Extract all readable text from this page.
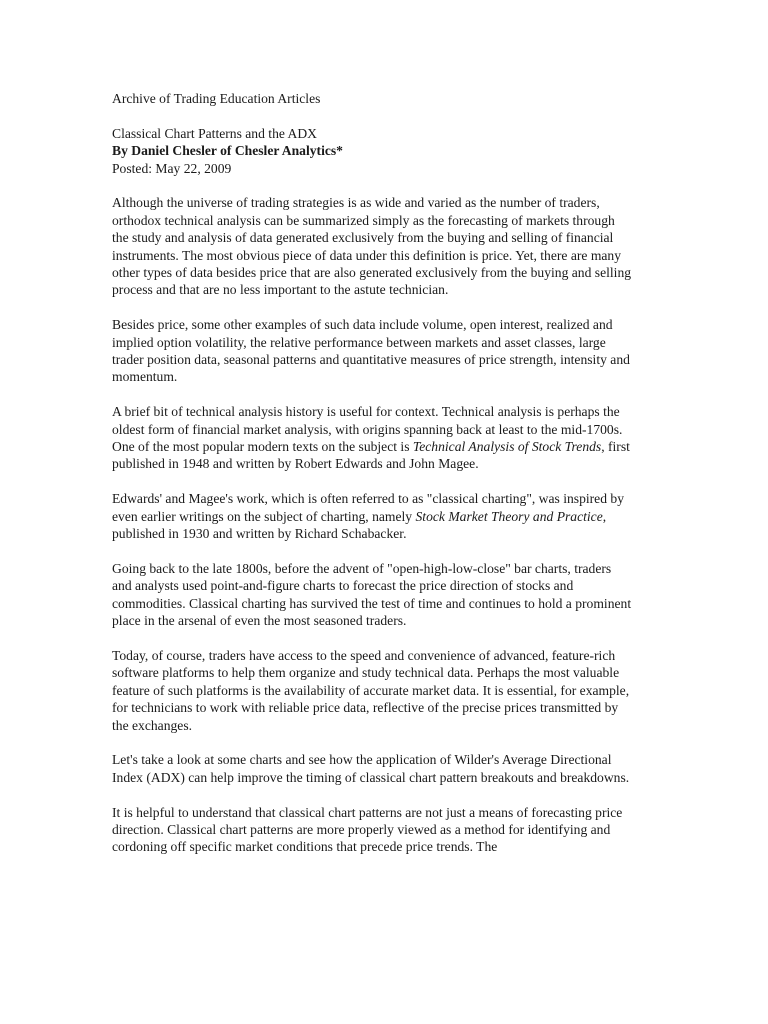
Archive of Trading Education Articles
Classical Chart Patterns and the ADX
By Daniel Chesler of Chesler Analytics*
Posted: May 22, 2009

Although the universe of trading strategies is as wide and varied as the number of traders, orthodox technical analysis can be summarized simply as the forecasting of markets through the study and analysis of data generated exclusively from the buying and selling of financial instruments. The most obvious piece of data under this definition is price. Yet, there are many other types of data besides price that are also generated exclusively from the buying and selling process and that are no less important to the astute technician.

Besides price, some other examples of such data include volume, open interest, realized and implied option volatility, the relative performance between markets and asset classes, large trader position data, seasonal patterns and quantitative measures of price strength, intensity and momentum.

A brief bit of technical analysis history is useful for context. Technical analysis is perhaps the oldest form of financial market analysis, with origins spanning back at least to the mid-1700s. One of the most popular modern texts on the subject is Technical Analysis of Stock Trends, first published in 1948 and written by Robert Edwards and John Magee.

Edwards' and Magee's work, which is often referred to as "classical charting", was inspired by even earlier writings on the subject of charting, namely Stock Market Theory and Practice, published in 1930 and written by Richard Schabacker.

Going back to the late 1800s, before the advent of "open-high-low-close" bar charts, traders and analysts used point-and-figure charts to forecast the price direction of stocks and commodities. Classical charting has survived the test of time and continues to hold a prominent place in the arsenal of even the most seasoned traders.

Today, of course, traders have access to the speed and convenience of advanced, feature-rich software platforms to help them organize and study technical data. Perhaps the most valuable feature of such platforms is the availability of accurate market data. It is essential, for example, for technicians to work with reliable price data, reflective of the precise prices transmitted by the exchanges.

Let's take a look at some charts and see how the application of Wilder's Average Directional Index (ADX) can help improve the timing of classical chart pattern breakouts and breakdowns.

It is helpful to understand that classical chart patterns are not just a means of forecasting price direction. Classical chart patterns are more properly viewed as a method for identifying and cordoning off specific market conditions that precede price trends. The
